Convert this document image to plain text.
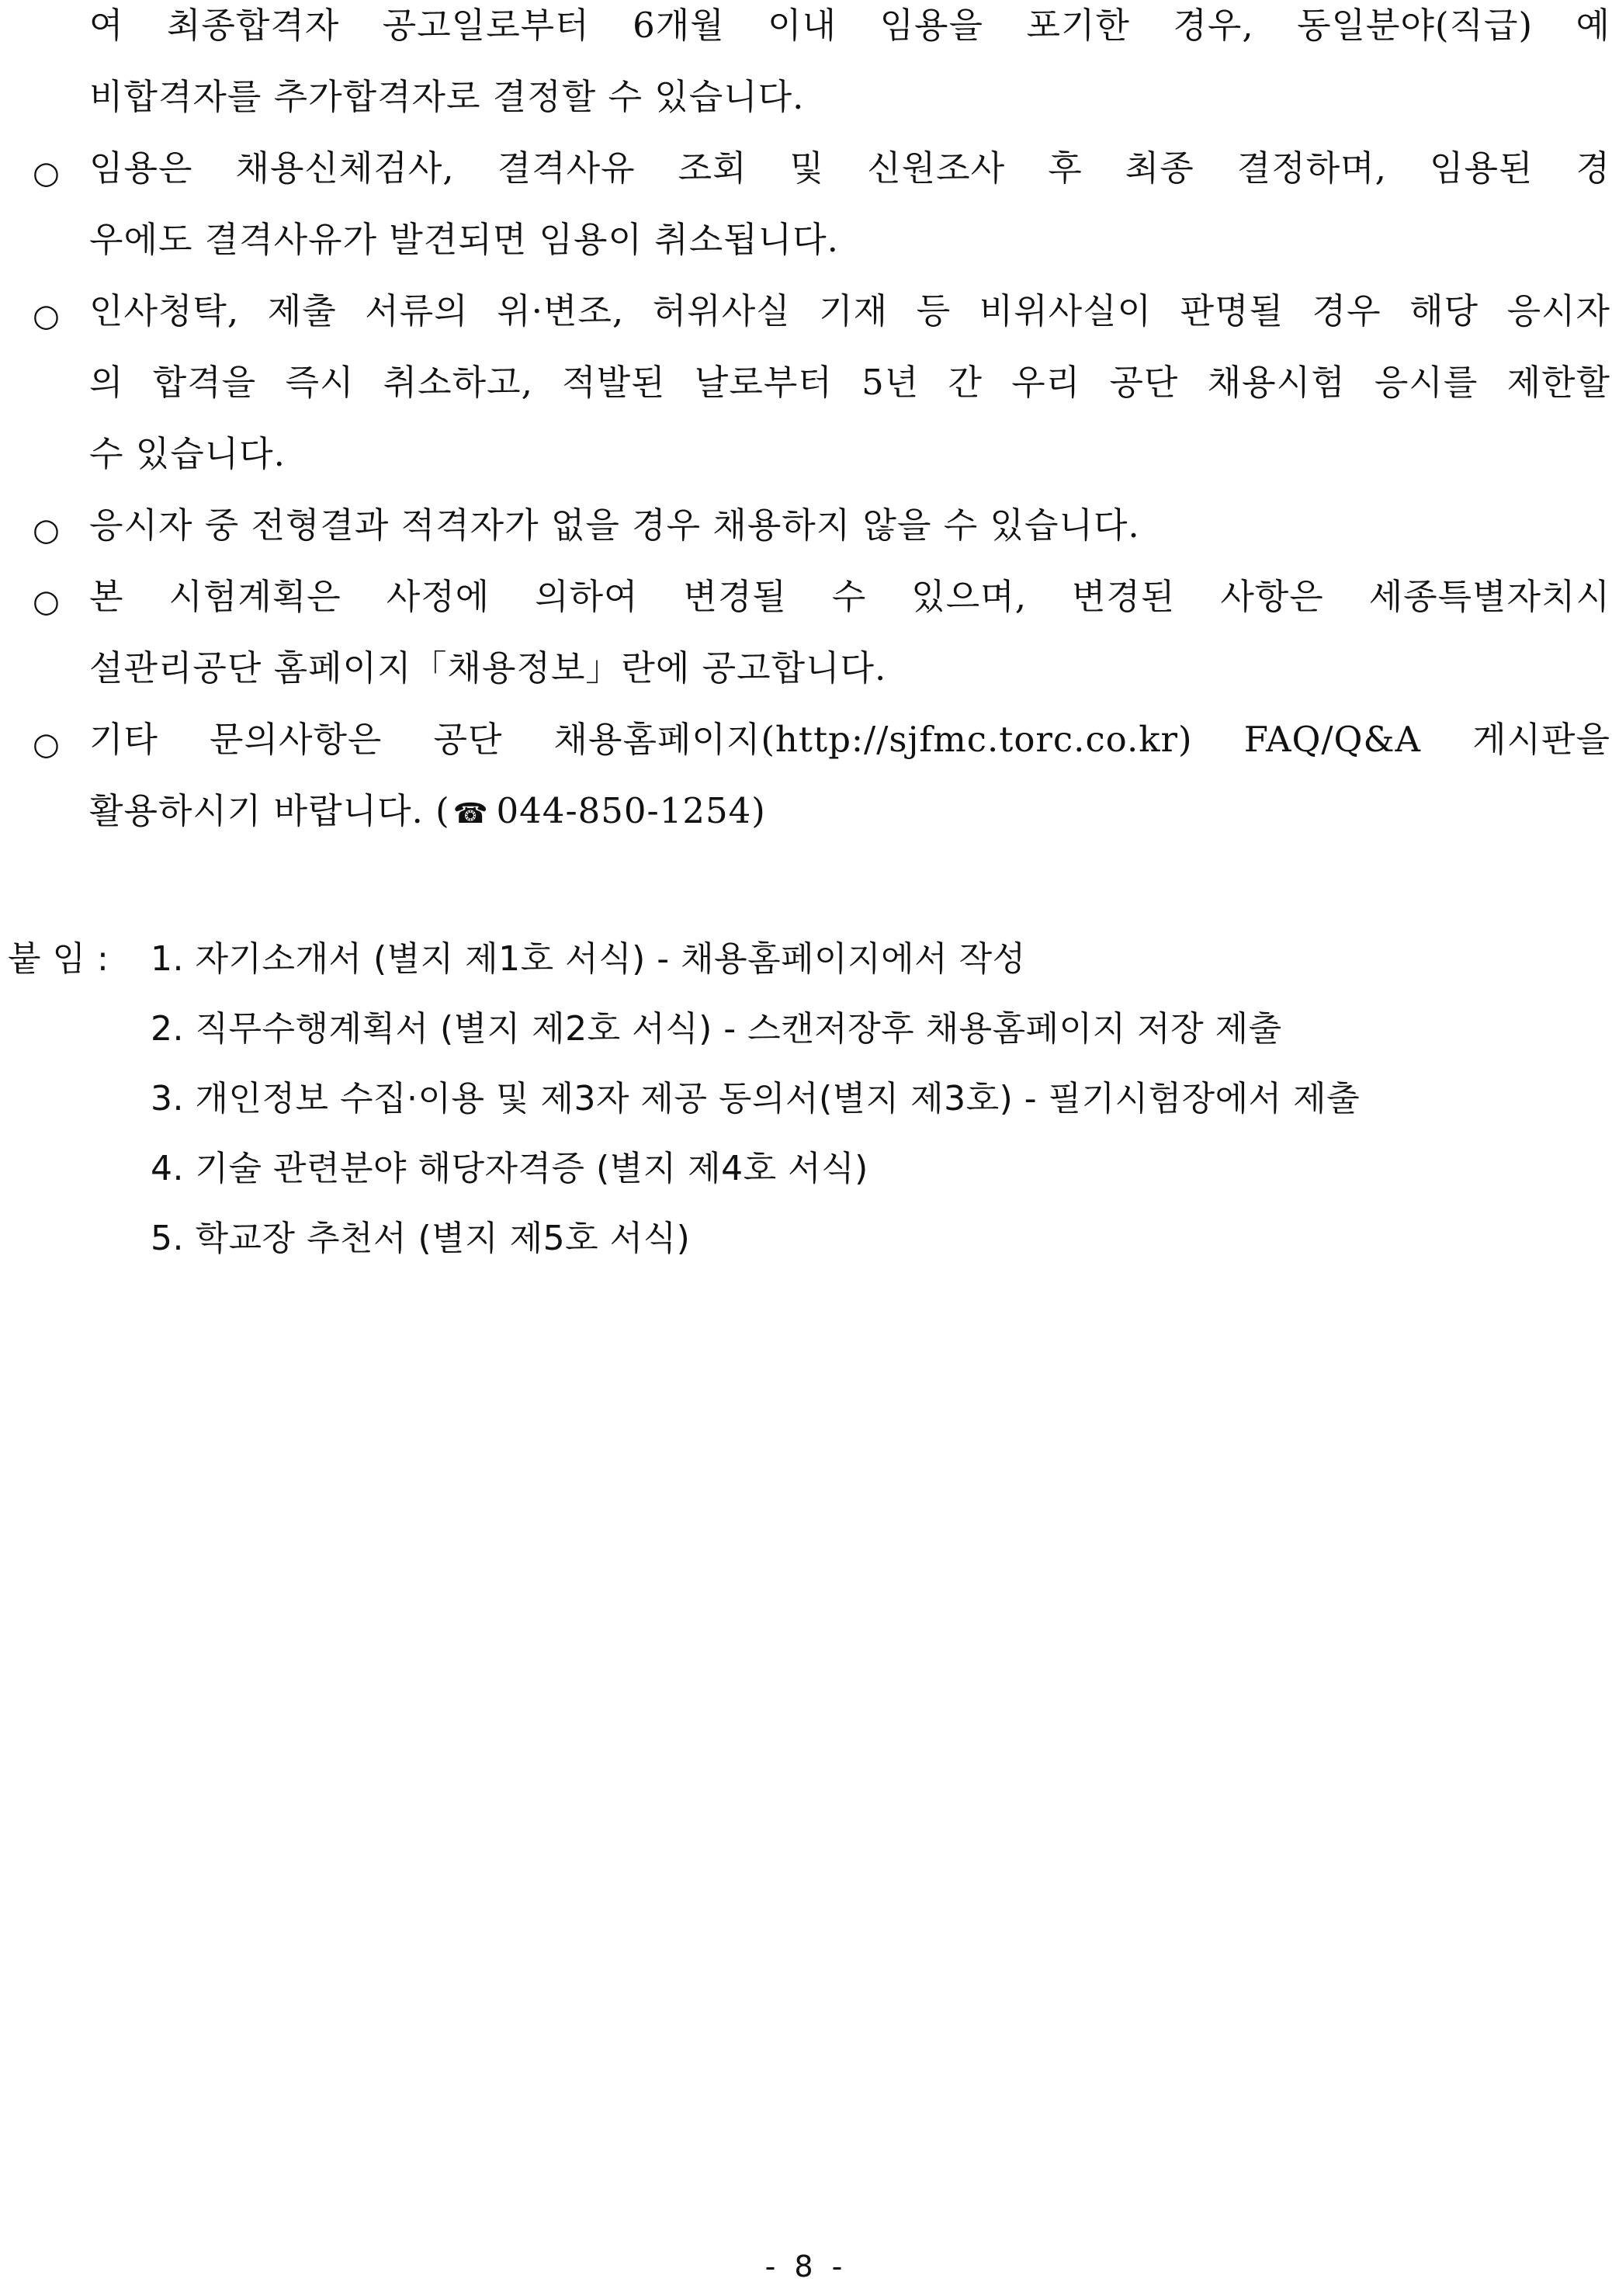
여 최종합격자 공고일로부터 6개월 이내 임용을 포기한 경우, 동일분야(직급) 예
비합격자를 추가합격자로 결정할 수 있습니다.
○ 임용은 채용신체검사, 결격사유 조회 및 신원조사 후 최종 결정하며, 임용된 경
우에도 결격사유가 발견되면 임용이 취소됩니다.
○ 인사청탁, 제출 서류의 위·변조, 허위사실 기재 등 비위사실이 판명될 경우 해당 응시자
의 합격을 즉시 취소하고, 적발된 날로부터 5년 간 우리 공단 채용시험 응시를 제한할
수 있습니다.
○ 응시자 중 전형결과 적격자가 없을 경우 채용하지 않을 수 있습니다.
○ 본 시험계획은 사정에 의하여 변경될 수 있으며, 변경된 사항은 세종특별자치시
설관리공단 홈페이지「채용정보」란에 공고합니다.
○ 기타 문의사항은 공단 채용홈페이지(http://sjfmc.torc.co.kr) FAQ/Q&A 게시판을
활용하시기 바랍니다. ( ☎ 044-850-1254)
붙 임 : 1. 자기소개서 (별지 제1호 서식) - 채용홈페이지에서 작성
2. 직무수행계획서 (별지 제2호 서식) - 스캔저장후 채용홈페이지 저장 제출
3. 개인정보 수집·이용 및 제3자 제공 동의서(별지 제3호) - 필기시험장에서 제출
4. 기술 관련분야 해당자격증 (별지 제4호 서식)
5. 학교장 추천서 (별지 제5호 서식)
- 8 -
